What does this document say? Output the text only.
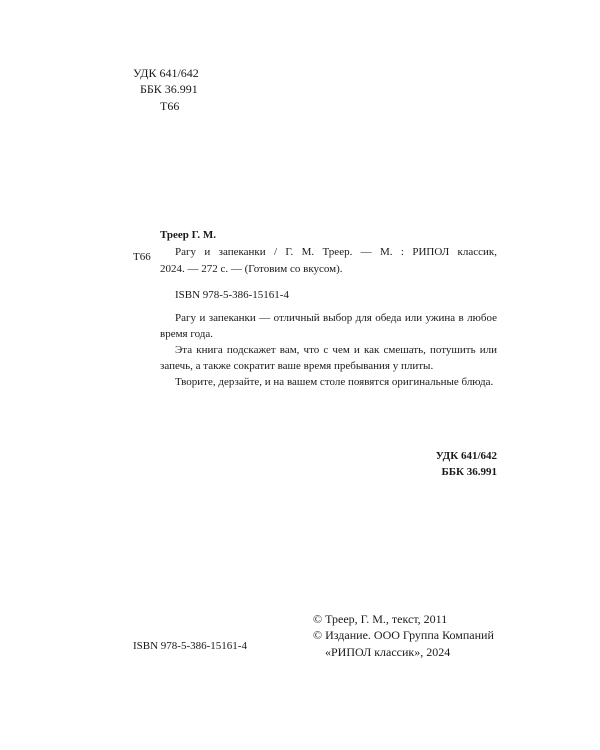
УДК 641/642
ББК 36.991
Т66
Т66
Треер Г. М.
Рагу и запеканки / Г. М. Треер. — М. : РИПОЛ классик,
2024. — 272 с. — (Готовим со вкусом).
ISBN 978-5-386-15161-4
Рагу и запеканки — отличный выбор для обеда или ужина в любое
время года.
Эта книга подскажет вам, что с чем и как смешать, потушить или
запечь, а также сократит ваше время пребывания у плиты.
Творите, дерзайте, и на вашем столе появятся оригинальные блюда.
УДК 641/642
ББК 36.991
ISBN 978-5-386-15161-4
© Треер, Г. М., текст, 2011
© Издание. ООО Группа Компаний
«РИПОЛ классик», 2024
